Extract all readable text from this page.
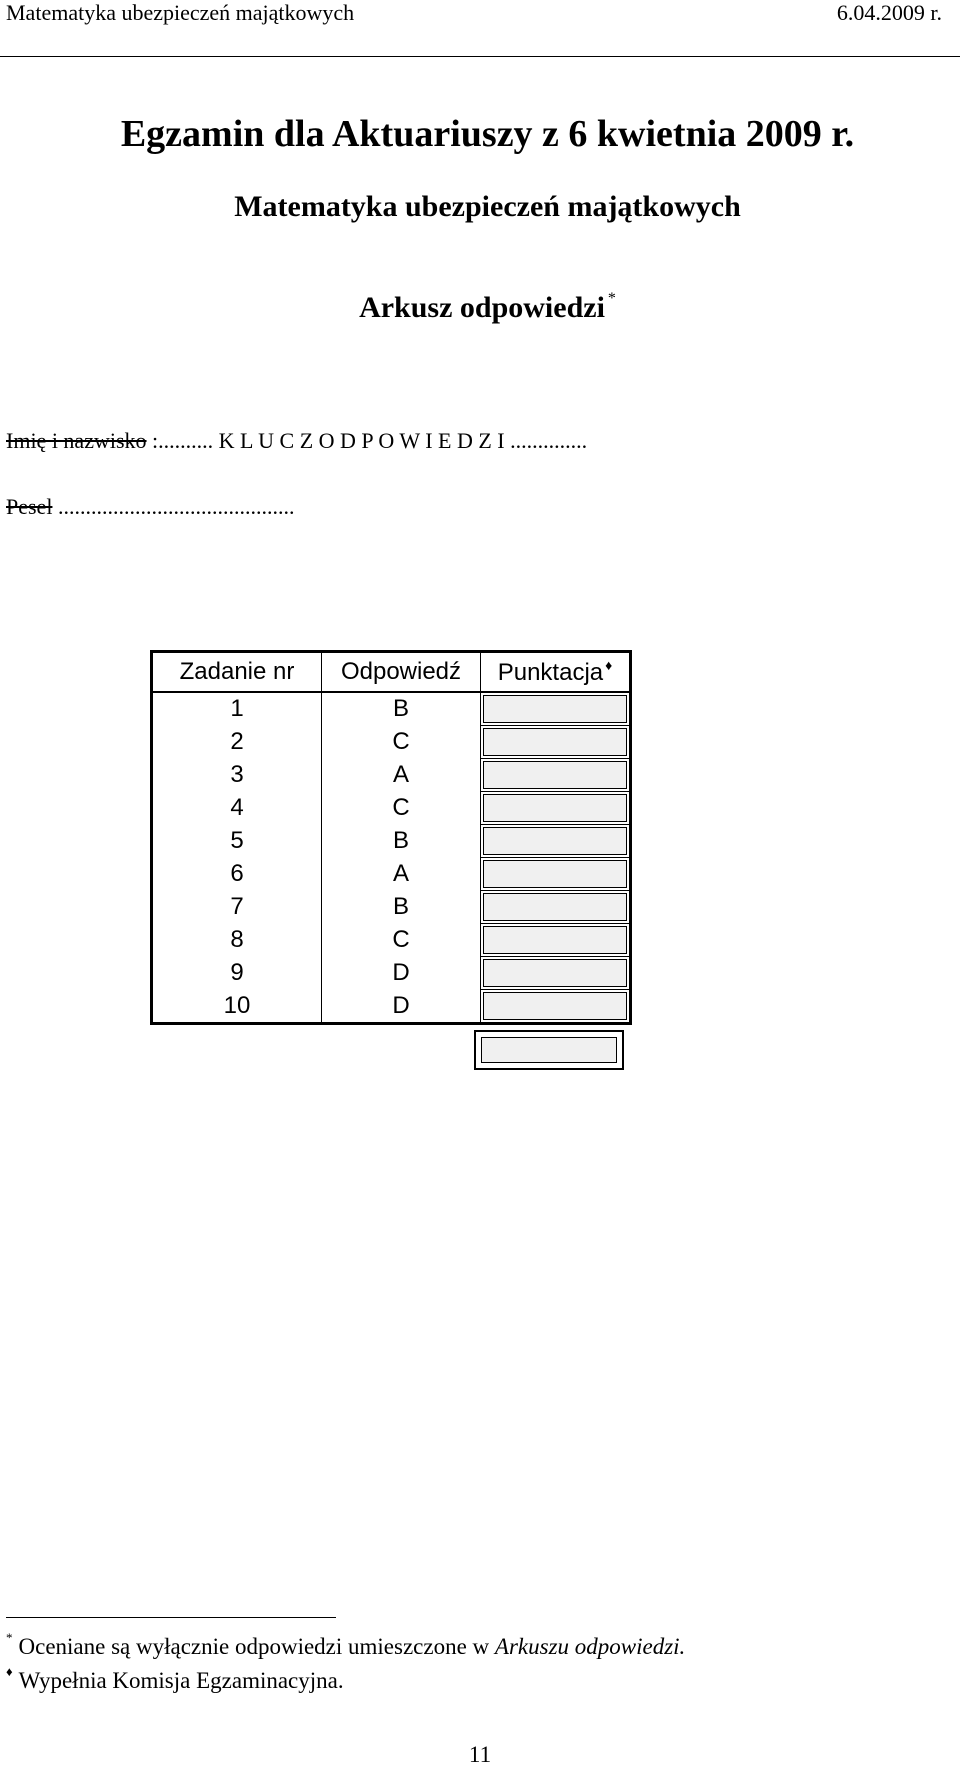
Matematyka ubezpieczeń majątkowych	6.04.2009 r.
Egzamin dla Aktuariuszy z 6 kwietnia 2009 r.
Matematyka ubezpieczeń majątkowych
Arkusz odpowiedzi *
Imię i nazwisko :.......... K L U C Z O D P O W I E D Z I ..............
Pesel ...........................................
Zadanie nr	Odpowiedź	Punktacja ♦
1	B	
2	C	
3	A	
4	C	
5	B	
6	A	
7	B	
8	C	
9	D	
10	D	
* Oceniane są wyłącznie odpowiedzi umieszczone w Arkuszu odpowiedzi.
♦ Wypełnia Komisja Egzaminacyjna.
11
